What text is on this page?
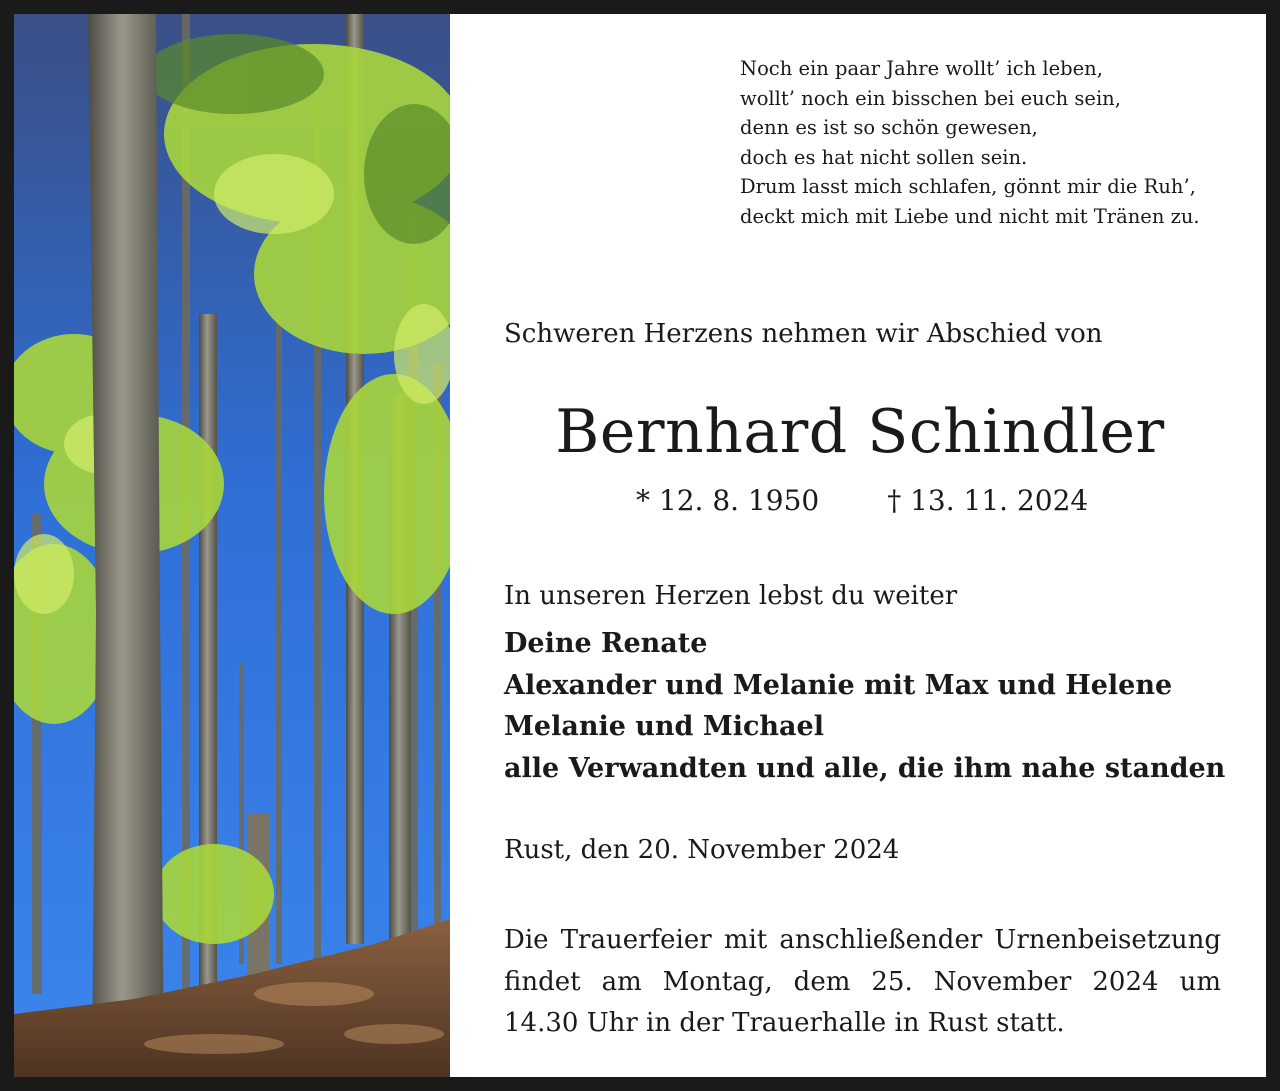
Noch ein paar Jahre wollt’ ich leben,
wollt’ noch ein bisschen bei euch sein,
denn es ist so schön gewesen,
doch es hat nicht sollen sein.
Drum lasst mich schlafen, gönnt mir die Ruh’,
deckt mich mit Liebe und nicht mit Tränen zu.
Schweren Herzens nehmen wir Abschied von
Bernhard Schindler
* 12. 8. 1950 † 13. 11. 2024
In unseren Herzen lebst du weiter
Deine Renate
Alexander und Melanie mit Max und Helene
Melanie und Michael
alle Verwandten und alle, die ihm nahe standen
Rust, den 20. November 2024
Die Trauerfeier mit anschließender Urnenbeisetzung
findet am Montag, dem 25. November 2024 um
14.30 Uhr in der Trauerhalle in Rust statt.
